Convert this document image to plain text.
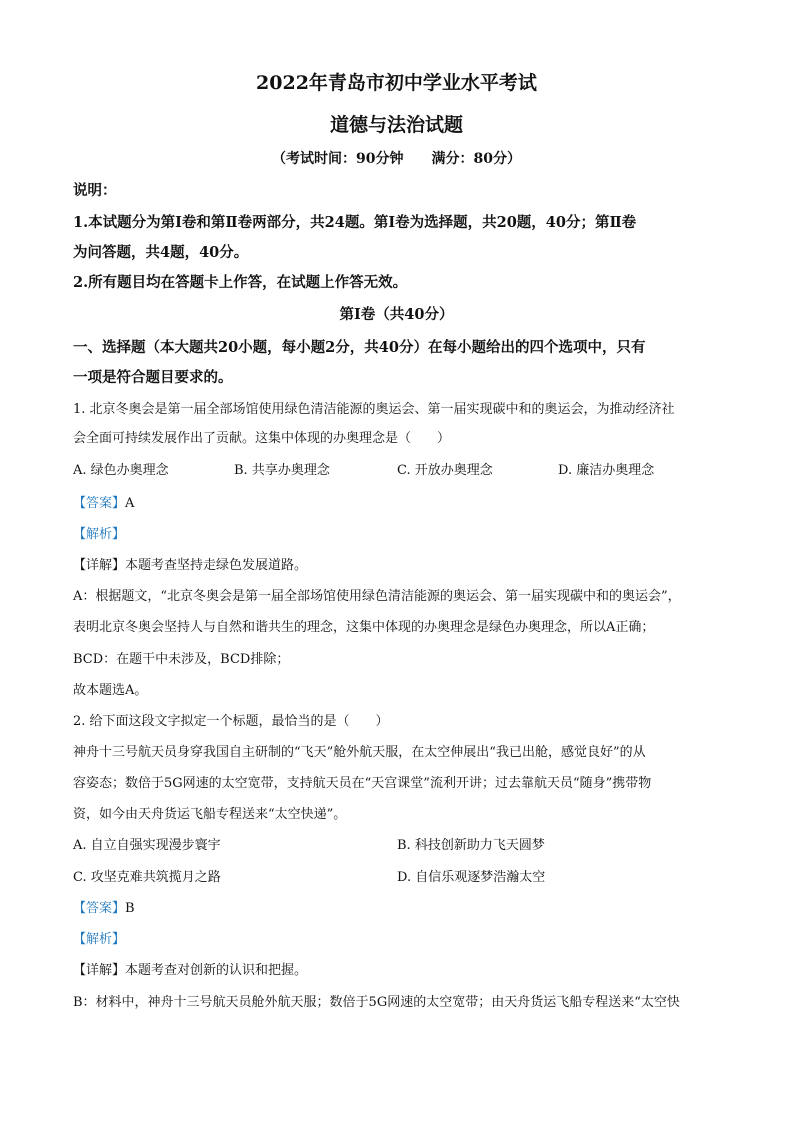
2022年青岛市初中学业水平考试
道德与法治试题
（考试时间：90分钟　　满分：80分）
说明：
1.本试题分为第Ⅰ卷和第Ⅱ卷两部分，共24题。第Ⅰ卷为选择题，共20题，40分；第Ⅱ卷
为问答题，共4题，40分。
2.所有题目均在答题卡上作答，在试题上作答无效。
第Ⅰ卷（共40分）
一、选择题（本大题共20小题，每小题2分，共40分）在每小题给出的四个选项中，只有
一项是符合题目要求的。
1. 北京冬奥会是第一届全部场馆使用绿色清洁能源的奥运会、第一届实现碳中和的奥运会，为推动经济社
会全面可持续发展作出了贡献。这集中体现的办奥理念是（　　）
A. 绿色办奥理念	B. 共享办奥理念	C. 开放办奥理念	D. 廉洁办奥理念
【答案】A
【解析】
【详解】本题考查坚持走绿色发展道路。
A：根据题文，“北京冬奥会是第一届全部场馆使用绿色清洁能源的奥运会、第一届实现碳中和的奥运会”，
表明北京冬奥会坚持人与自然和谐共生的理念，这集中体现的办奥理念是绿色办奥理念，所以A正确；
BCD：在题干中未涉及，BCD排除；
故本题选A。
2. 给下面这段文字拟定一个标题，最恰当的是（　　）
神舟十三号航天员身穿我国自主研制的“飞天”舱外航天服，在太空伸展出“我已出舱，感觉良好”的从
容姿态；数倍于5G网速的太空宽带，支持航天员在“天宫课堂”流利开讲；过去靠航天员“随身”携带物
资，如今由天舟货运飞船专程送来“太空快递”。
A. 自立自强实现漫步寰宇	B. 科技创新助力飞天圆梦
C. 攻坚克难共筑揽月之路	D. 自信乐观逐梦浩瀚太空
【答案】B
【解析】
【详解】本题考查对创新的认识和把握。
B：材料中，神舟十三号航天员舱外航天服；数倍于5G网速的太空宽带；由天舟货运飞船专程送来“太空快
